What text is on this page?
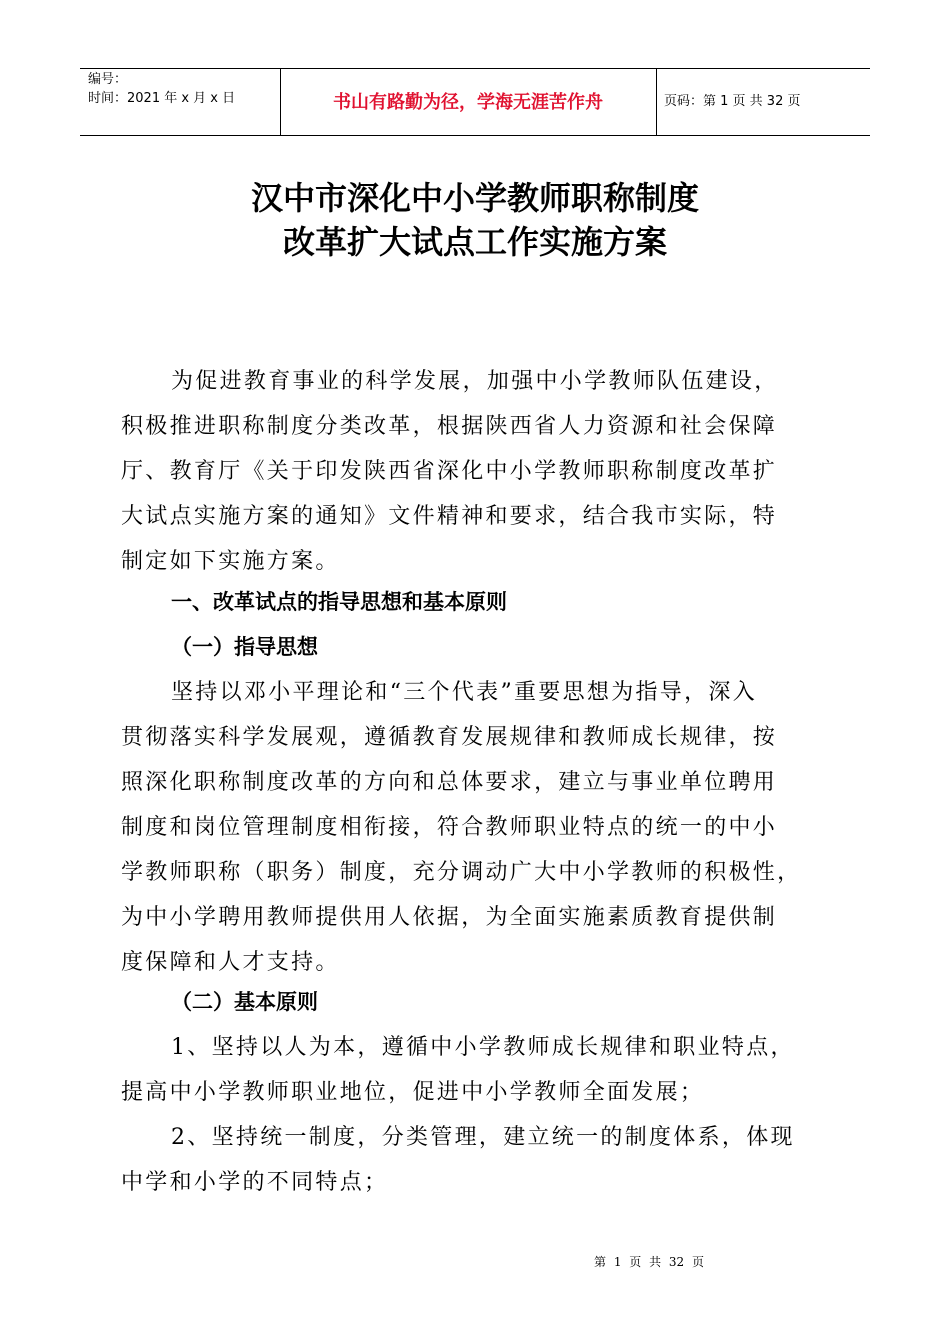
编号：
时间：2021 年 x 月 x 日	书山有路勤为径，学海无涯苦作舟	页码：第 1 页 共 32 页
汉中市深化中小学教师职称制度
改革扩大试点工作实施方案
为促进教育事业的科学发展，加强中小学教师队伍建设，
积极推进职称制度分类改革，根据陕西省人力资源和社会保障
厅、教育厅《关于印发陕西省深化中小学教师职称制度改革扩
大试点实施方案的通知》文件精神和要求，结合我市实际，特
制定如下实施方案。
一、改革试点的指导思想和基本原则
（一）指导思想
坚持以邓小平理论和“三个代表”重要思想为指导，深入
贯彻落实科学发展观，遵循教育发展规律和教师成长规律，按
照深化职称制度改革的方向和总体要求，建立与事业单位聘用
制度和岗位管理制度相衔接，符合教师职业特点的统一的中小
学教师职称（职务）制度，充分调动广大中小学教师的积极性，
为中小学聘用教师提供用人依据，为全面实施素质教育提供制
度保障和人才支持。
（二）基本原则
1、坚持以人为本，遵循中小学教师成长规律和职业特点，
提高中小学教师职业地位，促进中小学教师全面发展；
2、坚持统一制度，分类管理，建立统一的制度体系，体现
中学和小学的不同特点；
第 1 页 共 32 页
